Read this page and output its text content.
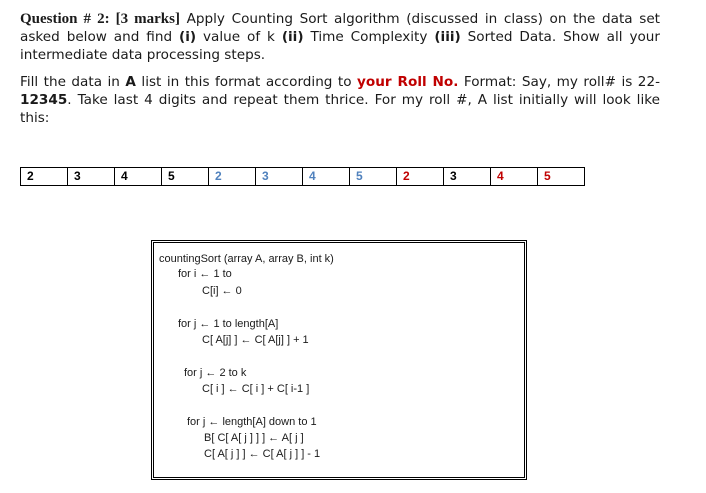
Question # 2: [3 marks] Apply Counting Sort algorithm (discussed in class) on the data set asked below and find (i) value of k (ii) Time Complexity (iii) Sorted Data. Show all your intermediate data processing steps.
Fill the data in A list in this format according to your Roll No. Format: Say, my roll# is 22-12345. Take last 4 digits and repeat them thrice. For my roll #, A list initially will look like this:
2	3	4	5	2	3	4	5	2	3	4	5
countingSort (array A, array B, int k)
for i ← 1 to
C[i] ← 0
for j ← 1 to length[A]
C[ A[j] ] ← C[ A[j] ] + 1
for j ← 2 to k
C[ i ] ← C[ i ] + C[ i-1 ]
for j ← length[A] down to 1
B[ C[ A[ j ] ] ] ← A[ j ]
C[ A[ j ] ] ← C[ A[ j ] ] - 1
